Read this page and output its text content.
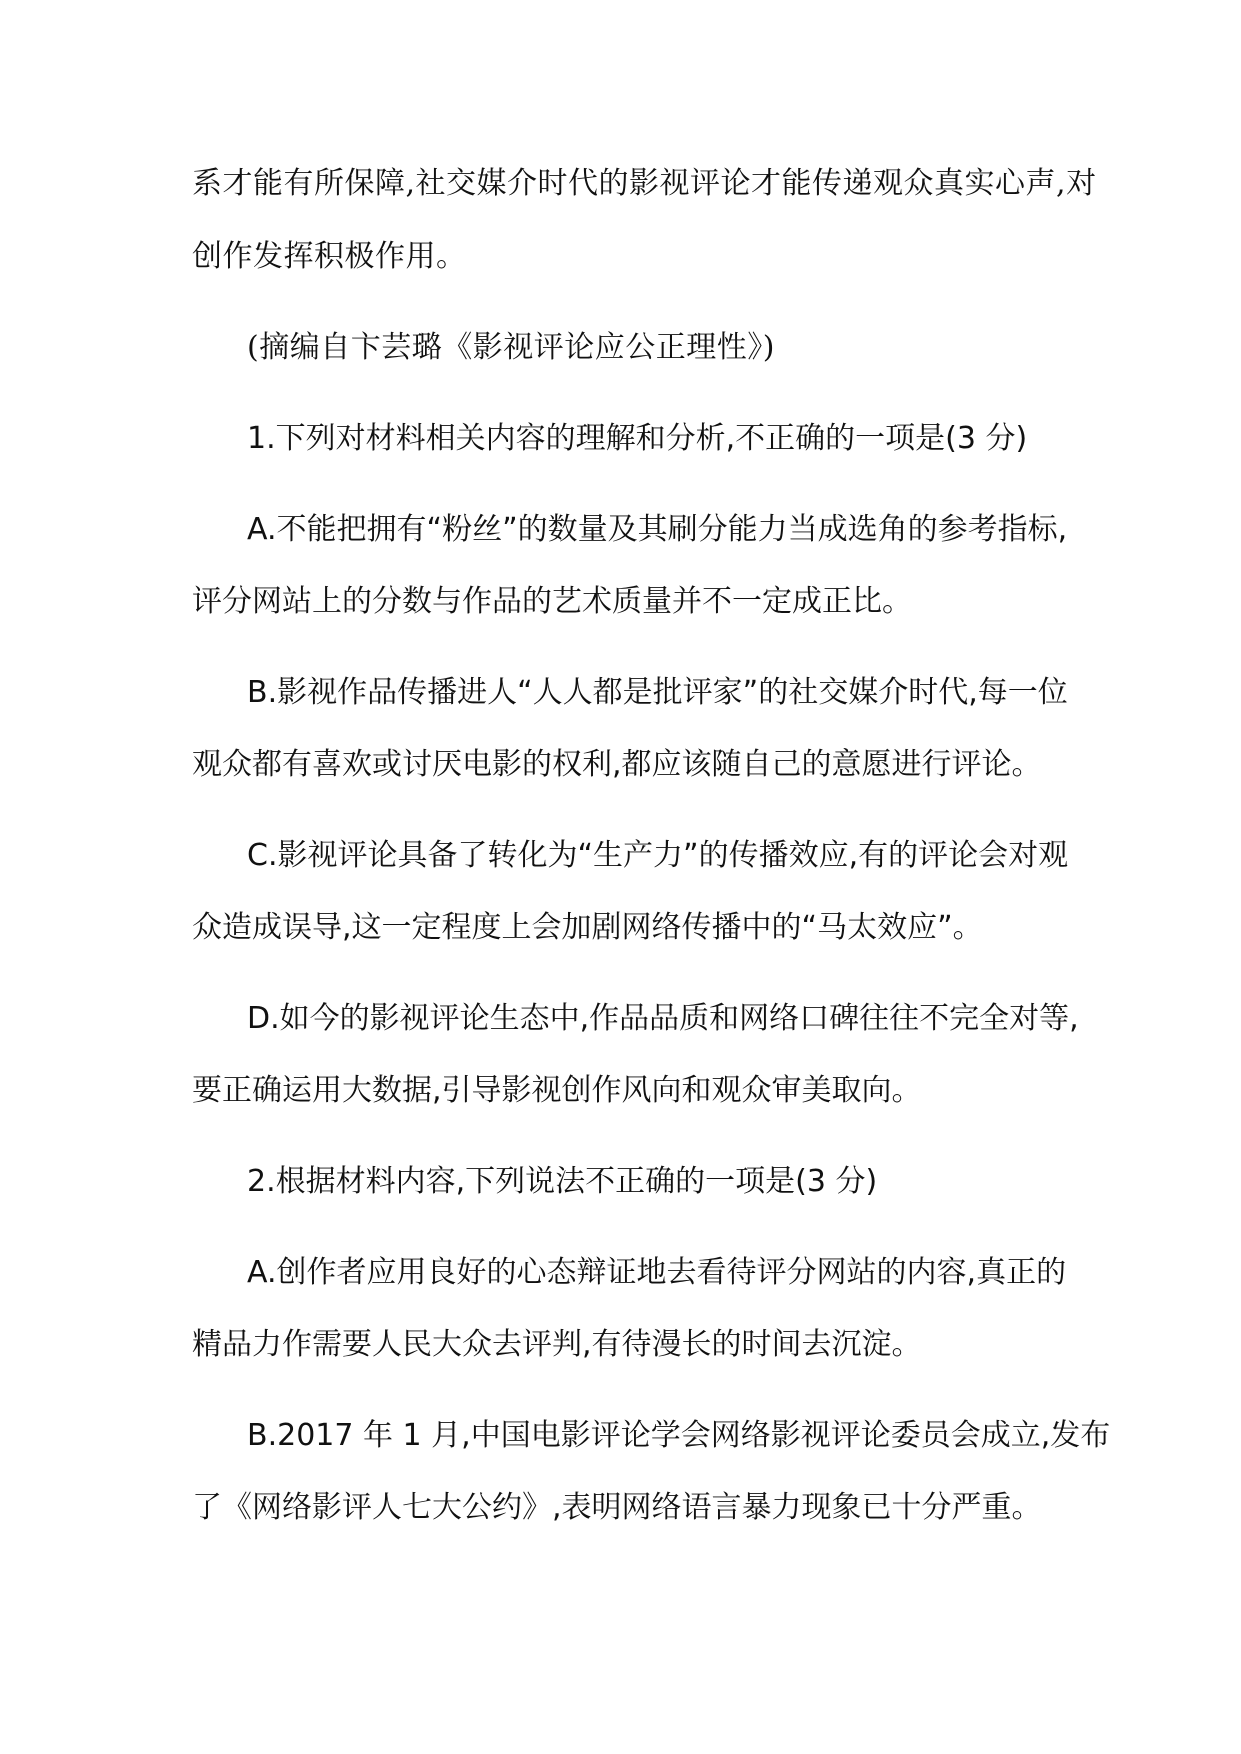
系才能有所保障,社交媒介时代的影视评论才能传递观众真实心声,对
创作发挥积极作用。
(摘编自卞芸璐《影视评论应公正理性》)
1.下列对材料相关内容的理解和分析,不正确的一项是(3 分)
A.不能把拥有“粉丝”的数量及其刷分能力当成选角的参考指标,
评分网站上的分数与作品的艺术质量并不一定成正比。
B.影视作品传播进人“人人都是批评家”的社交媒介时代,每一位
观众都有喜欢或讨厌电影的权利,都应该随自己的意愿进行评论。
C.影视评论具备了转化为“生产力”的传播效应,有的评论会对观
众造成误导,这一定程度上会加剧网络传播中的“马太效应”。
D.如今的影视评论生态中,作品品质和网络口碑往往不完全对等,
要正确运用大数据,引导影视创作风向和观众审美取向。
2.根据材料内容,下列说法不正确的一项是(3 分)
A.创作者应用良好的心态辩证地去看待评分网站的内容,真正的
精品力作需要人民大众去评判,有待漫长的时间去沉淀。
B.2017 年 1 月,中国电影评论学会网络影视评论委员会成立,发布
了《网络影评人七大公约》,表明网络语言暴力现象已十分严重。
